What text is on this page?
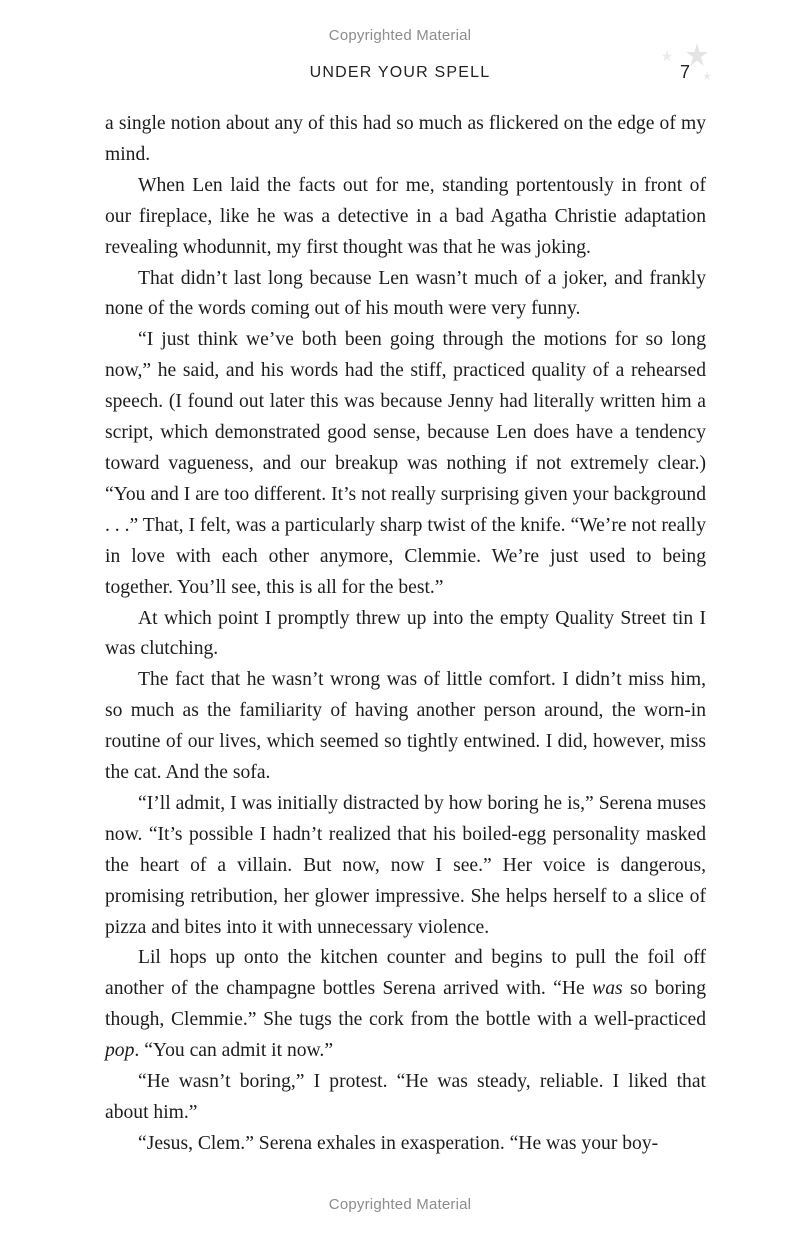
Copyrighted Material
UNDER YOUR SPELL	7

a single notion about any of this had so much as flickered on the edge of my mind.

When Len laid the facts out for me, standing portentously in front of our fireplace, like he was a detective in a bad Agatha Christie adaptation revealing whodunnit, my first thought was that he was joking.

That didn’t last long because Len wasn’t much of a joker, and frankly none of the words coming out of his mouth were very funny.

“I just think we’ve both been going through the motions for so long now,” he said, and his words had the stiff, practiced quality of a rehearsed speech. (I found out later this was because Jenny had literally written him a script, which demonstrated good sense, because Len does have a tendency toward vagueness, and our breakup was nothing if not extremely clear.) “You and I are too different. It’s not really surprising given your background . . .” That, I felt, was a particularly sharp twist of the knife. “We’re not really in love with each other anymore, Clemmie. We’re just used to being together. You’ll see, this is all for the best.”

At which point I promptly threw up into the empty Quality Street tin I was clutching.

The fact that he wasn’t wrong was of little comfort. I didn’t miss him, so much as the familiarity of having another person around, the worn-in routine of our lives, which seemed so tightly entwined. I did, however, miss the cat. And the sofa.

“I’ll admit, I was initially distracted by how boring he is,” Serena muses now. “It’s possible I hadn’t realized that his boiled-egg personality masked the heart of a villain. But now, now I see.” Her voice is dangerous, promising retribution, her glower impressive. She helps herself to a slice of pizza and bites into it with unnecessary violence.

Lil hops up onto the kitchen counter and begins to pull the foil off another of the champagne bottles Serena arrived with. “He was so boring though, Clemmie.” She tugs the cork from the bottle with a well-practiced pop. “You can admit it now.”

“He wasn’t boring,” I protest. “He was steady, reliable. I liked that about him.”

“Jesus, Clem.” Serena exhales in exasperation. “He was your boy-

Copyrighted Material
